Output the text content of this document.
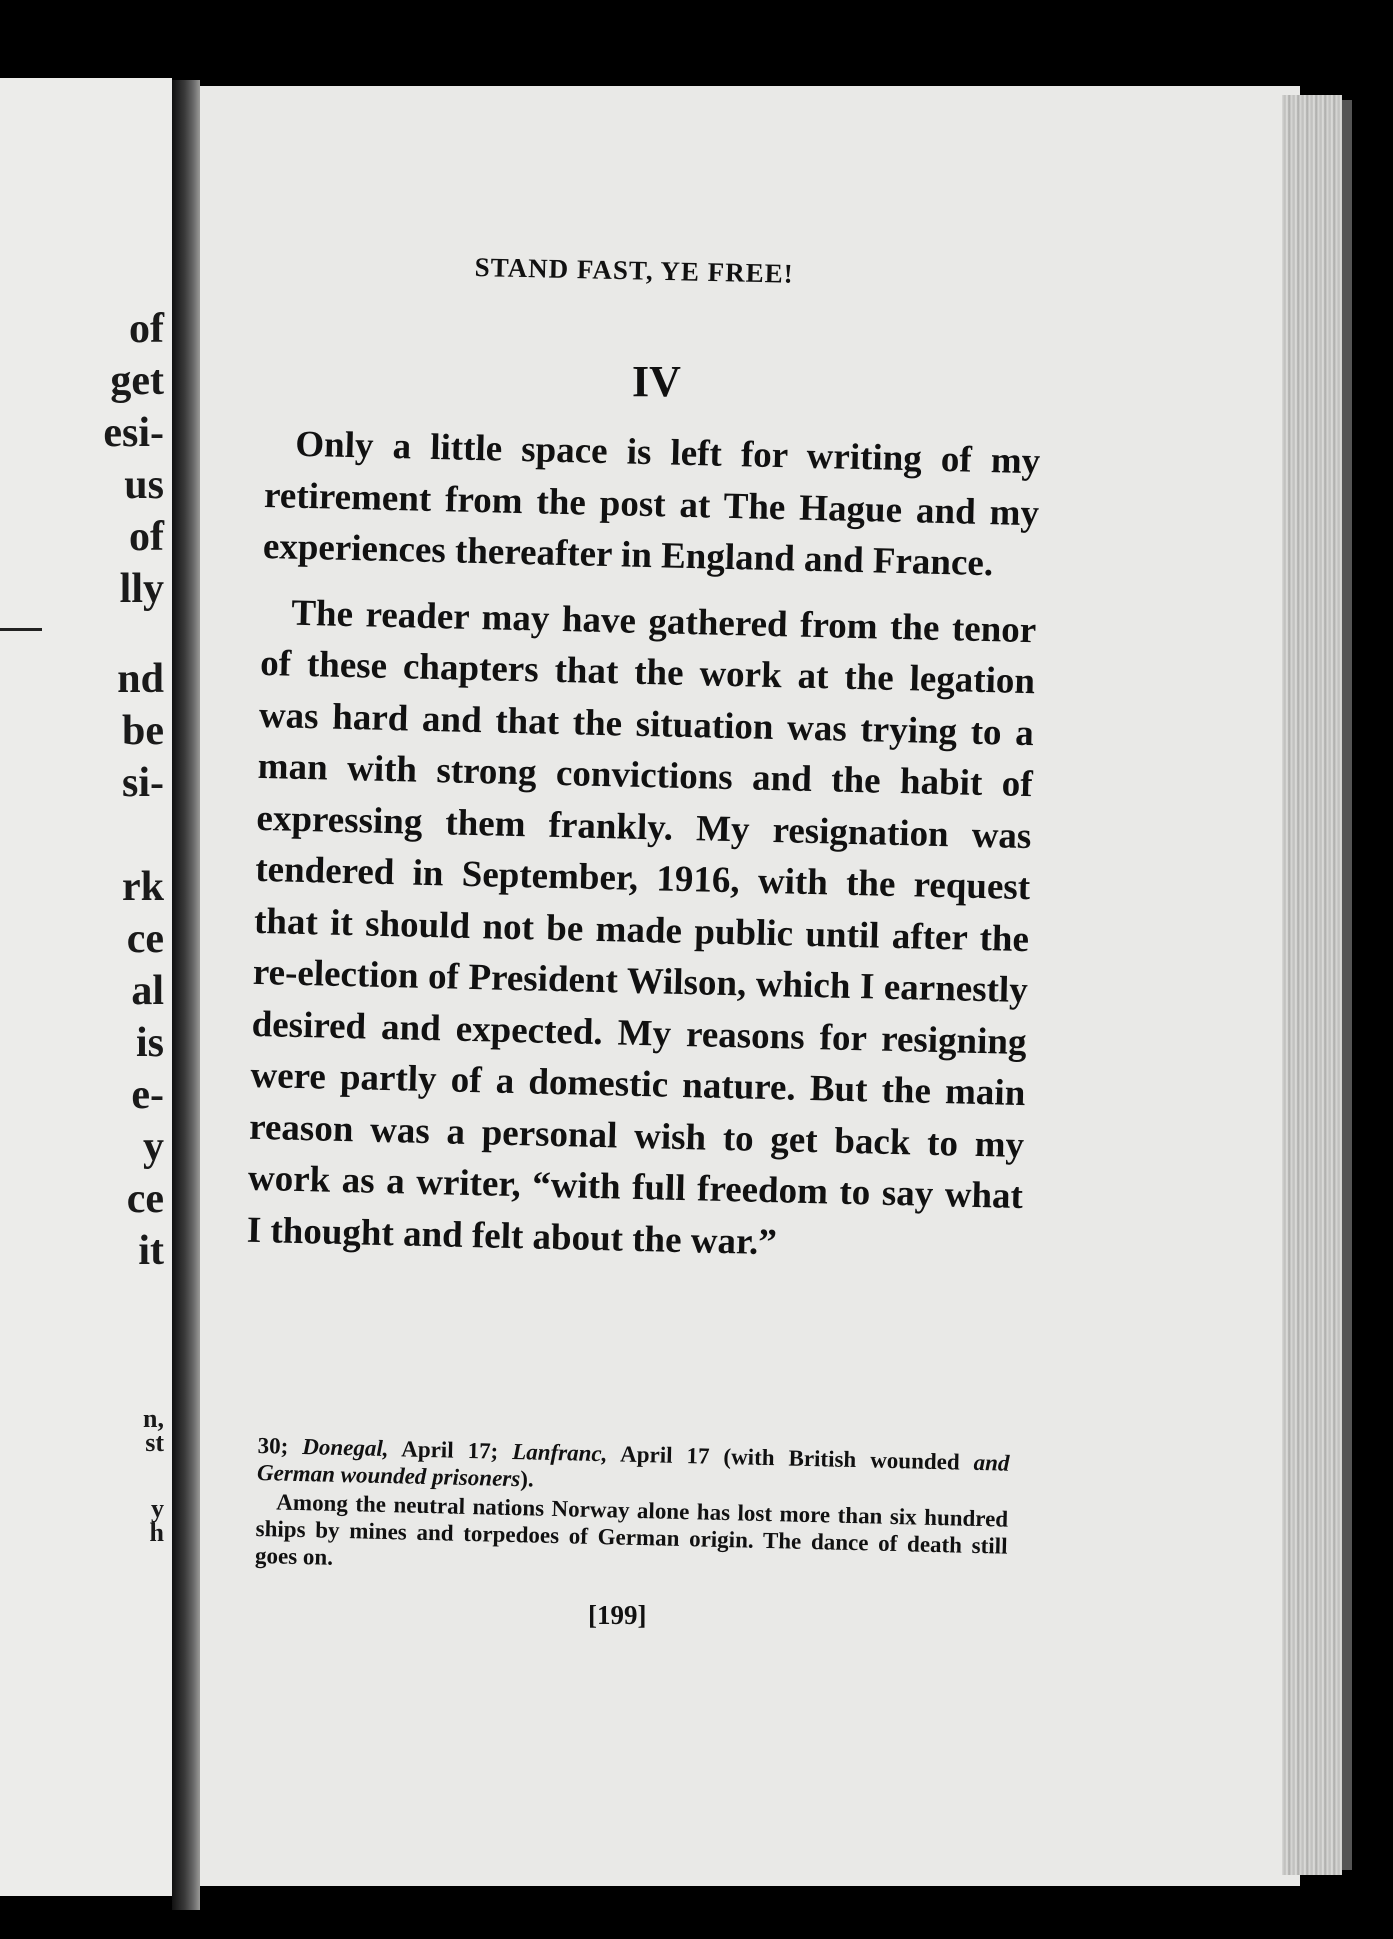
of
get
esi-
us
of
lly
nd
be
si-
rk
ce
al
is
e-
y
ce
it
n,
st
y
h
STAND FAST, YE FREE!
IV

Only a little space is left for writing of my retirement from the post at The Hague and my experiences thereafter in England and France.

The reader may have gathered from the tenor of these chapters that the work at the legation was hard and that the situation was trying to a man with strong convictions and the habit of expressing them frankly. My resignation was tendered in September, 1916, with the request that it should not be made public until after the re-election of President Wilson, which I earnestly desired and expected. My reasons for resigning were partly of a domestic nature. But the main reason was a personal wish to get back to my work as a writer, “with full freedom to say what I thought and felt about the war.”

30; Donegal, April 17; Lanfranc, April 17 (with British wounded and German wounded prisoners).

Among the neutral nations Norway alone has lost more than six hundred ships by mines and torpedoes of German origin. The dance of death still goes on.

[199]
